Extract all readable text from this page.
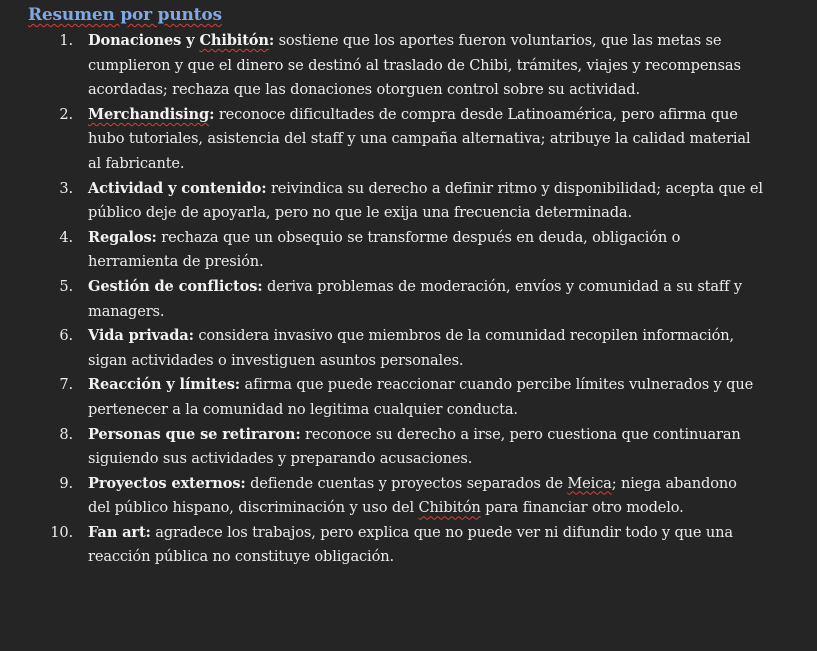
Resumen por puntos
1. Donaciones y Chibitón: sostiene que los aportes fueron voluntarios, que las metas se cumplieron y que el dinero se destinó al traslado de Chibi, trámites, viajes y recompensas acordadas; rechaza que las donaciones otorguen control sobre su actividad.
2. Merchandising: reconoce dificultades de compra desde Latinoamérica, pero afirma que hubo tutoriales, asistencia del staff y una campaña alternativa; atribuye la calidad material al fabricante.
3. Actividad y contenido: reivindica su derecho a definir ritmo y disponibilidad; acepta que el público deje de apoyarla, pero no que le exija una frecuencia determinada.
4. Regalos: rechaza que un obsequio se transforme después en deuda, obligación o herramienta de presión.
5. Gestión de conflictos: deriva problemas de moderación, envíos y comunidad a su staff y managers.
6. Vida privada: considera invasivo que miembros de la comunidad recopilen información, sigan actividades o investiguen asuntos personales.
7. Reacción y límites: afirma que puede reaccionar cuando percibe límites vulnerados y que pertenecer a la comunidad no legitima cualquier conducta.
8. Personas que se retiraron: reconoce su derecho a irse, pero cuestiona que continuaran siguiendo sus actividades y preparando acusaciones.
9. Proyectos externos: defiende cuentas y proyectos separados de Meica; niega abandono del público hispano, discriminación y uso del Chibitón para financiar otro modelo.
10. Fan art: agradece los trabajos, pero explica que no puede ver ni difundir todo y que una reacción pública no constituye obligación.
